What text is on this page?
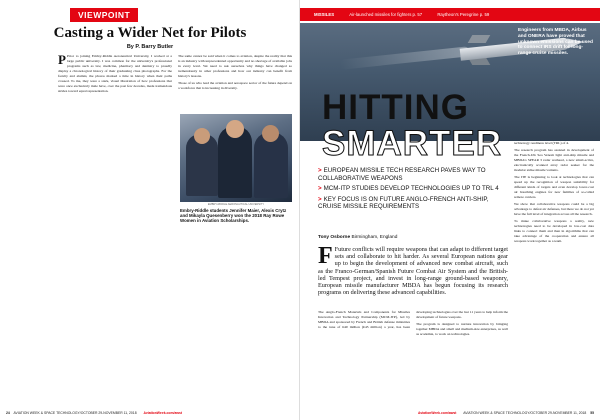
VIEWPOINT
Casting a Wider Net for Pilots
By P. Barry Butler

P Prior to joining Embry-Riddle Aeronautical University, I worked at a large public university. I was common for the university's professional programs such as law, medicine, pharmacy and dentistry to proudly display a chronological history of their graduating class photographs. For the faculty and alumni, the photos marked a time in history when their paths crossed. To me, they were a stark, visual illustration of how professions that were once exclusively male have, over the past few decades, made tremendous strides toward equal representation.

The same cannot be said when it comes to aviation, despite the reality that this is an industry with unprecedented opportunity and no shortage of available jobs in every level. We need to ask ourselves why things have changed so tremendously in other professions and how our industry can benefit from history's lessons.

Those of us who lead the aviation and aerospace sector of the future depend on a workforce that is increasing in diversity.

EMBRY-RIDDLE AERONAUTICAL UNIVERSITY
Embry-Riddle students Jennifer Maier, Alexis Crytz and Mikayla Quesenberry won the 2018 Ray Rowe Women in Aviation Scholarships.
24 AVIATION WEEK & SPACE TECHNOLOGY/OCTOBER 29-NOVEMBER 11, 2018 AviationWeek.com/awst
MISSILES	Air-launched missiles for fighters p. 57	Raytheon's Peregrine p. 59
Engineers from MBDA, Airbus and ONERA have proved that unknown emissions can be used to connect IRS drift for long-range cruise missiles.
HITTING
SMARTER
> EUROPEAN MISSILE TECH RESEARCH PAVES WAY TO COLLABORATIVE WEAPONS
> MCM-ITP STUDIES DEVELOP TECHNOLOGIES UP TO TRL 4
> KEY FOCUS IS ON FUTURE ANGLO-FRENCH ANTI-SHIP, CRUISE MISSILE REQUIREMENTS
Tony Osborne Birmingham, England
F Future conflicts will require weapons that can adapt to different target sets and collaborate to hit harder. As several European nations gear up to begin the development of advanced new combat aircraft, such as the Franco-German/Spanish Future Combat Air System and the British-led Tempest project, and invest in long-range ground-based weaponry, European missile manufacturer MBDA has begun focusing its research programs on delivering these advanced capabilities.

The Anglo-French Materials and Components for Missiles Innovation and Technology Partnership (MCM-ITP), led by MBDA and sponsored by French and British defense ministries to the tune of €40 million (€45 million) a year, has been developing technologies over the last 11 years to help inform the development of future weapons.

The program is designed to nurture innovation by bringing together MBDA and small and medium-size enterprises, as well as academia, to work on technologies.

technology readiness level (TRL) of 4.

The research program has assisted in development of the French-UK Sea Venom light anti-ship missile and MBDA's SPEAR 3 radar warhead, a new small-active, electronically scanned array radar seeker for the modular strike missile variants.

The ITP is beginning to look at technologies that can speed up the recognition of weapon suitability for different kinds of targets and even develop lower-cost air breathing engines for new families of so-called remote carriers.

We show that collaborative weapons could be a big advantage to defeat air defenses, but there we do not yet have the full level of integration across all the research.

To make collaborative weapons a reality, new technologies need to be developed in low-cost data links to connect them and then in algorithms that can take advantage of the cooperation and ensure all weapons work together as a team.

AviationWeek.com/awst AVIATION WEEK & SPACE TECHNOLOGY/OCTOBER 29-NOVEMBER 11, 2018 55
